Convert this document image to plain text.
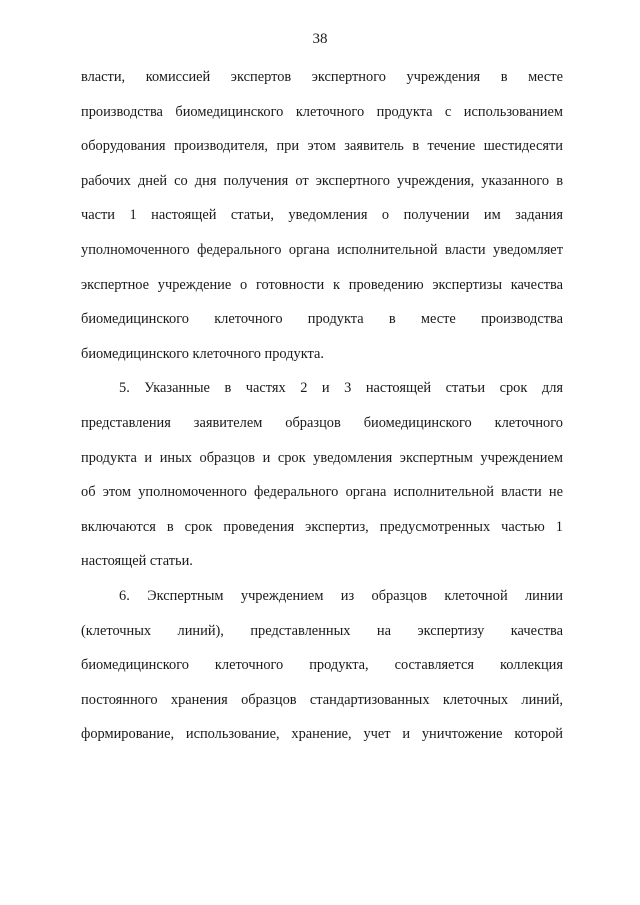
38
власти, комиссией экспертов экспертного учреждения в месте
производства биомедицинского клеточного продукта с использованием
оборудования производителя, при этом заявитель в течение шестидесяти
рабочих дней со дня получения от экспертного учреждения, указанного в
части 1 настоящей статьи, уведомления о получении им задания
уполномоченного федерального органа исполнительной власти уведомляет
экспертное учреждение о готовности к проведению экспертизы качества
биомедицинского клеточного продукта в месте производства
биомедицинского клеточного продукта.
5. Указанные в частях 2 и 3 настоящей статьи срок для
представления заявителем образцов биомедицинского клеточного
продукта и иных образцов и срок уведомления экспертным учреждением
об этом уполномоченного федерального органа исполнительной власти не
включаются в срок проведения экспертиз, предусмотренных частью 1
настоящей статьи.
6. Экспертным учреждением из образцов клеточной линии
(клеточных линий), представленных на экспертизу качества
биомедицинского клеточного продукта, составляется коллекция
постоянного хранения образцов стандартизованных клеточных линий,
формирование, использование, хранение, учет и уничтожение которой
